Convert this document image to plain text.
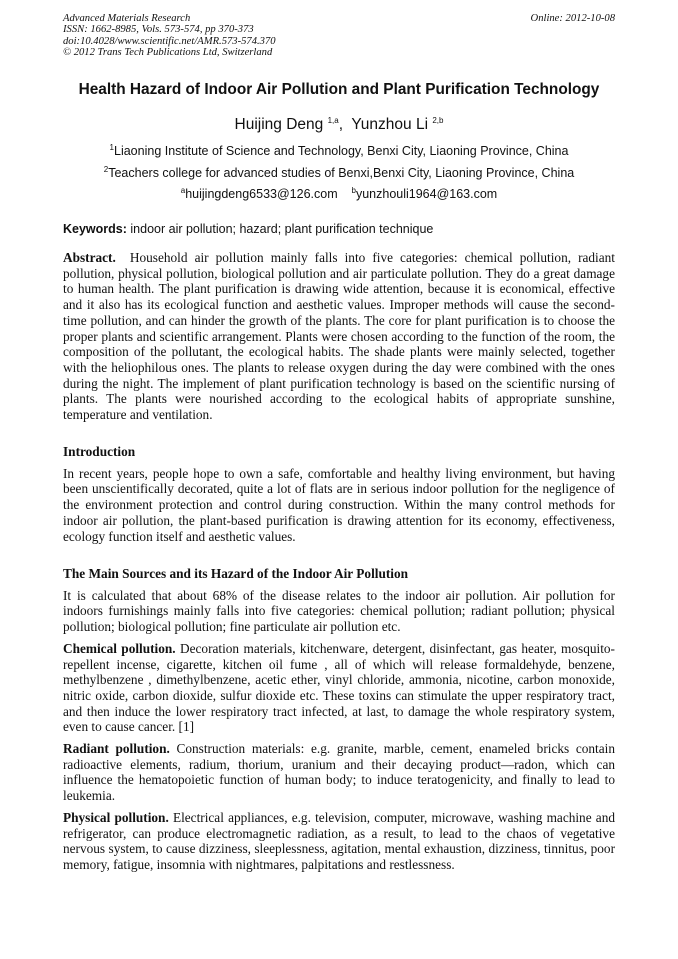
Advanced Materials Research
ISSN: 1662-8985, Vols. 573-574, pp 370-373
doi:10.4028/www.scientific.net/AMR.573-574.370
© 2012 Trans Tech Publications Ltd, Switzerland
Online: 2012-10-08
Health Hazard of Indoor Air Pollution and Plant Purification Technology
Huijing Deng $^{1,a}$,  Yunzhou Li $^{2,b}$
$^1$Liaoning Institute of Science and Technology, Benxi City, Liaoning Province, China
$^2$Teachers college for advanced studies of Benxi,Benxi City, Liaoning Province, China
$^a$huijingdeng6533@126.com $^b$yunzhouli1964@163.com
Keywords: indoor air pollution; hazard; plant purification technique

Abstract. Household air pollution mainly falls into five categories: chemical pollution, radiant pollution, physical pollution, biological pollution and air particulate pollution. They do a great damage to human health. The plant purification is drawing wide attention, because it is economical, effective and it also has its ecological function and aesthetic values. Improper methods will cause the second-time pollution, and can hinder the growth of the plants. The core for plant purification is to choose the proper plants and scientific arrangement. Plants were chosen according to the function of the room, the composition of the pollutant, the ecological habits. The shade plants were mainly selected, together with the heliophilous ones. The plants to release oxygen during the day were combined with the ones during the night. The implement of plant purification technology is based on the scientific nursing of plants. The plants were nourished according to the ecological habits of appropriate sunshine, temperature and ventilation.

Introduction

In recent years, people hope to own a safe, comfortable and healthy living environment, but having been unscientifically decorated, quite a lot of flats are in serious indoor pollution for the negligence of the environment protection and control during construction. Within the many control methods for indoor air pollution, the plant-based purification is drawing attention for its economy, effectiveness, ecology function itself and aesthetic values.

The Main Sources and its Hazard of the Indoor Air Pollution

It is calculated that about 68% of the disease relates to the indoor air pollution. Air pollution for indoors furnishings mainly falls into five categories: chemical pollution; radiant pollution; physical pollution; biological pollution; fine particulate air pollution etc.

Chemical pollution. Decoration materials, kitchenware, detergent, disinfectant, gas heater, mosquito-repellent incense, cigarette, kitchen oil fume , all of which will release formaldehyde, benzene, methylbenzene , dimethylbenzene, acetic ether, vinyl chloride, ammonia, nicotine, carbon monoxide, nitric oxide, carbon dioxide, sulfur dioxide etc. These toxins can stimulate the upper respiratory tract, and then induce the lower respiratory tract infected, at last, to damage the whole respiratory system, even to cause cancer. [1]

Radiant pollution. Construction materials: e.g. granite, marble, cement, enameled bricks contain radioactive elements, radium, thorium, uranium and their decaying product—radon, which can influence the hematopoietic function of human body; to induce teratogenicity, and finally to lead to leukemia.

Physical pollution. Electrical appliances, e.g. television, computer, microwave, washing machine and refrigerator, can produce electromagnetic radiation, as a result, to lead to the chaos of vegetative nervous system, to cause dizziness, sleeplessness, agitation, mental exhaustion, dizziness, tinnitus, poor memory, fatigue, insomnia with nightmares, palpitations and restlessness.
